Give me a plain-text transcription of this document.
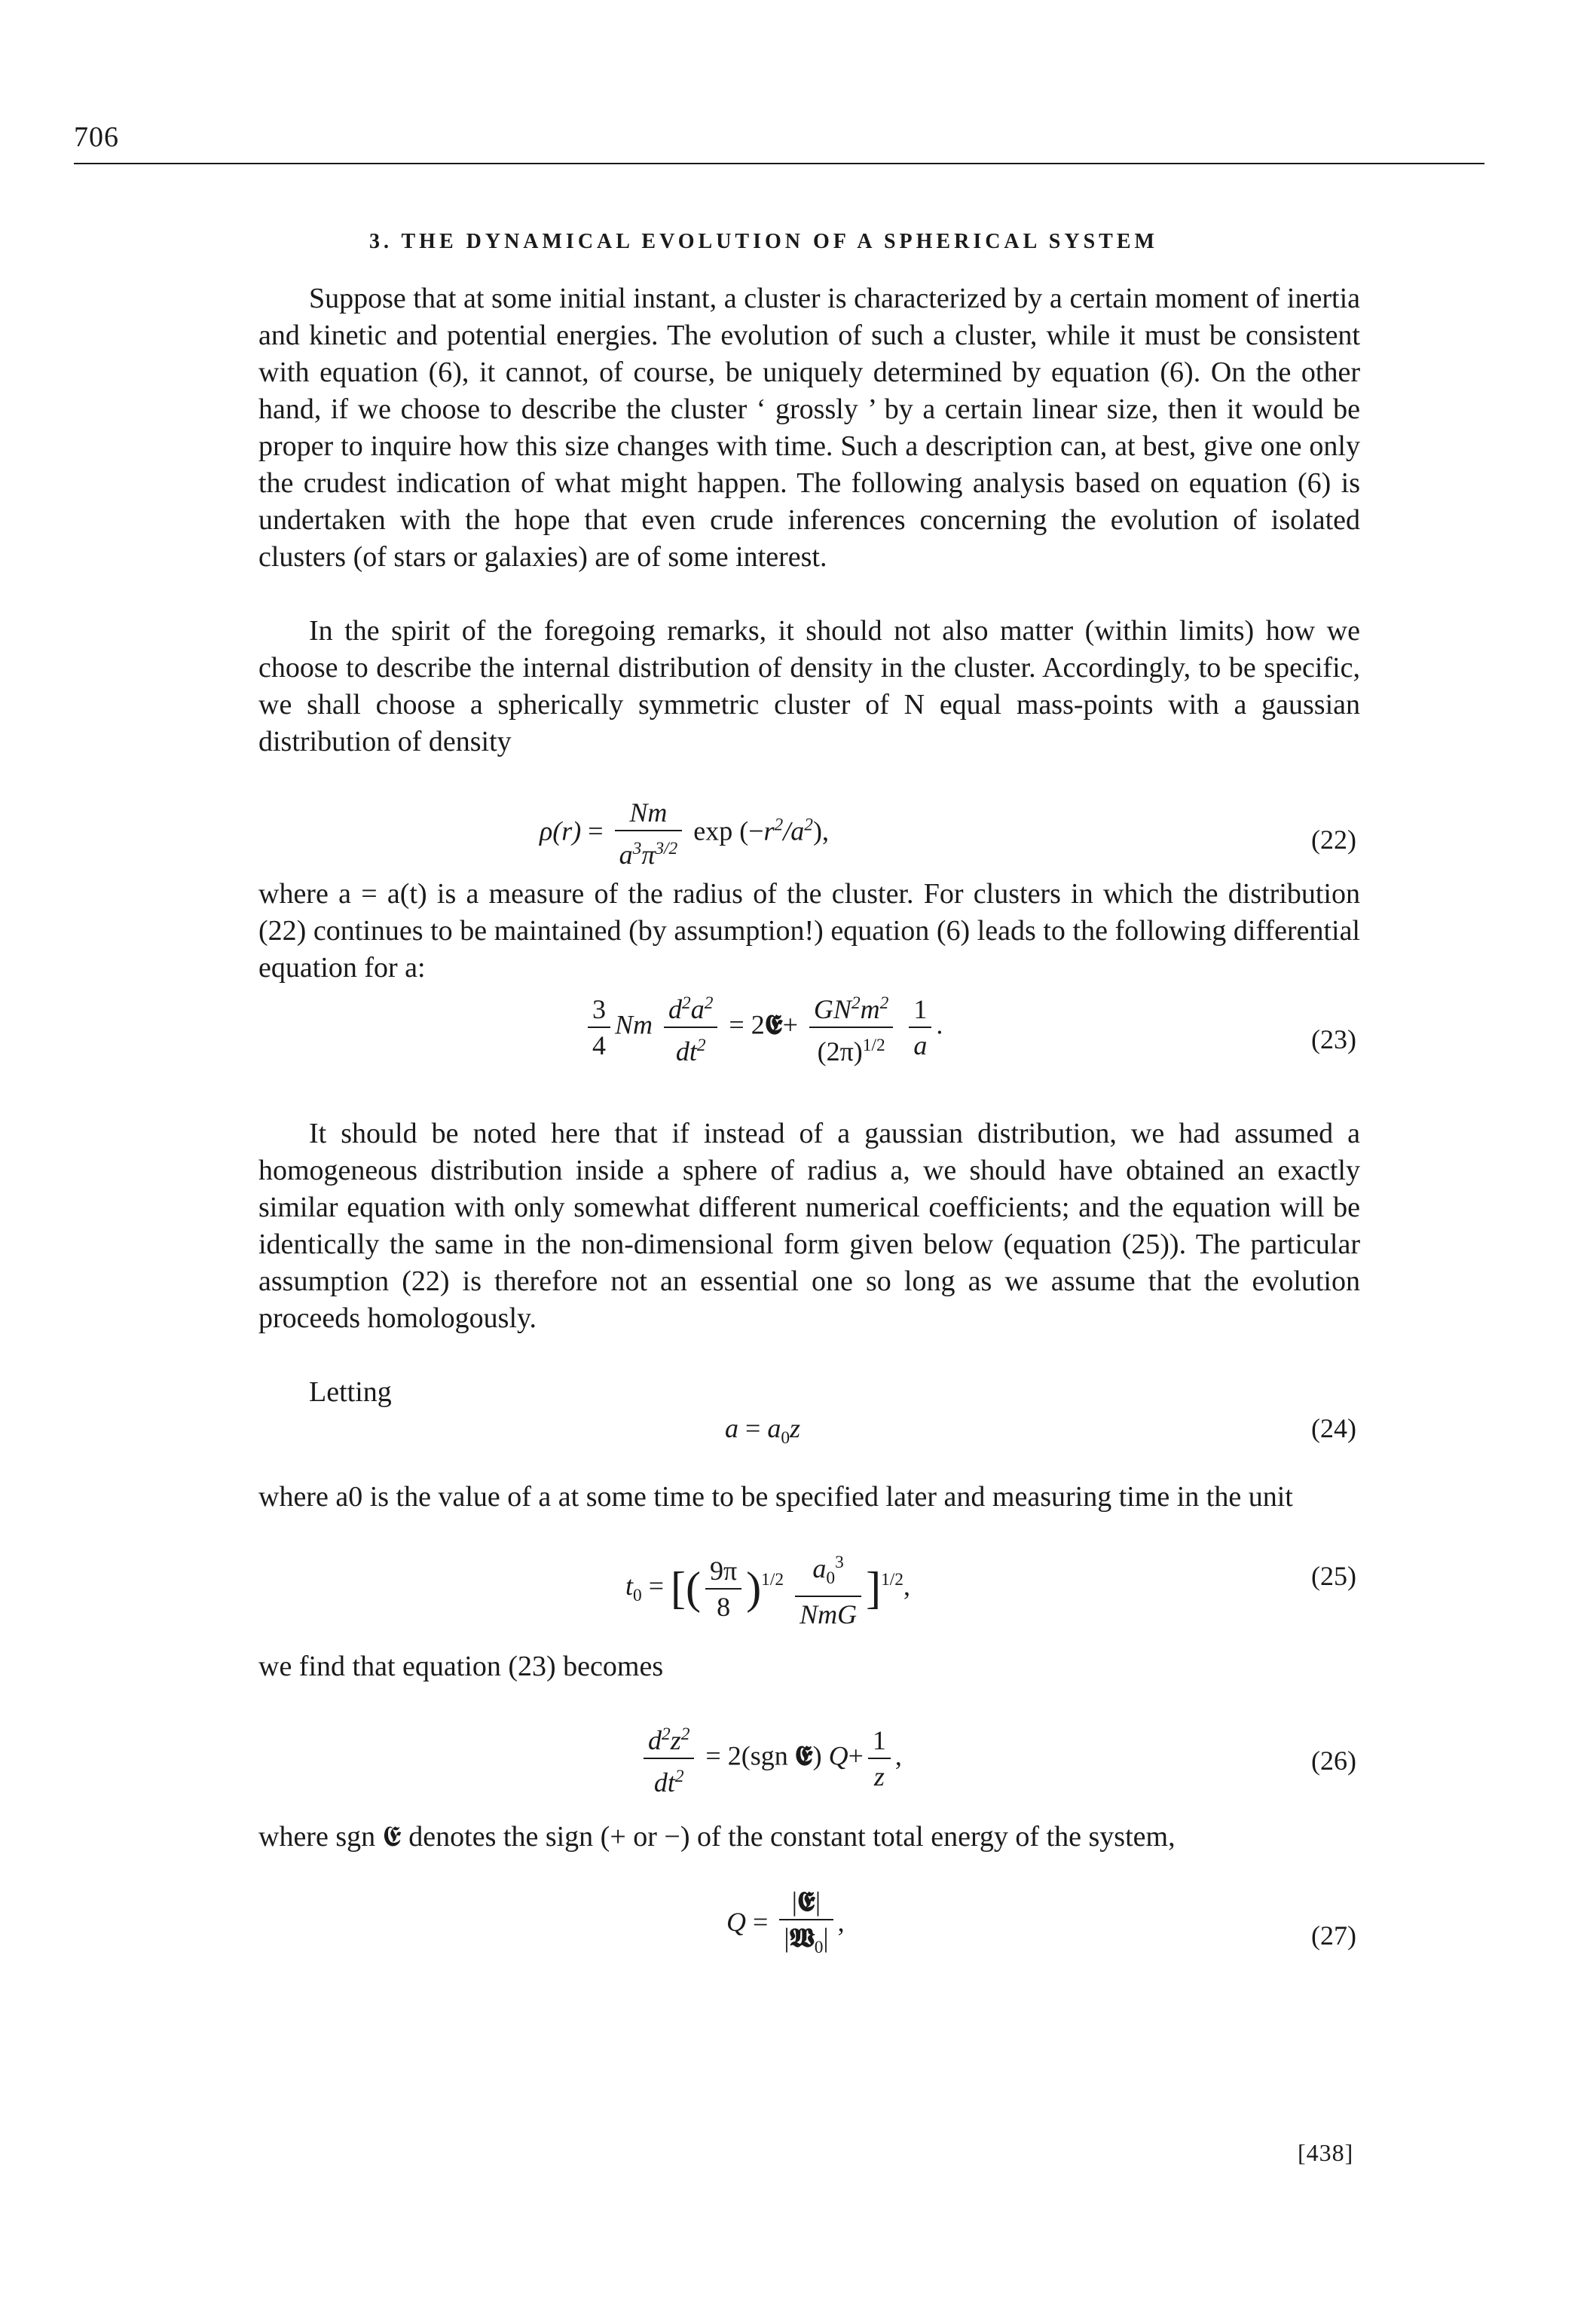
706
3. THE DYNAMICAL EVOLUTION OF A SPHERICAL SYSTEM

Suppose that at some initial instant, a cluster is characterized by a certain moment of inertia and kinetic and potential energies. The evolution of such a cluster, while it must be consistent with equation (6), it cannot, of course, be uniquely determined by equation (6). On the other hand, if we choose to describe the cluster ‘ grossly ’ by a certain linear size, then it would be proper to inquire how this size changes with time. Such a description can, at best, give one only the crudest indication of what might happen. The following analysis based on equation (6) is undertaken with the hope that even crude inferences concerning the evolution of isolated clusters (of stars or galaxies) are of some interest.

In the spirit of the foregoing remarks, it should not also matter (within limits) how we choose to describe the internal distribution of density in the cluster. Accordingly, to be specific, we shall choose a spherically symmetric cluster of N equal mass-points with a gaussian distribution of density

$\rho(r) = \frac{Nm}{a^3\pi^{3/2}}$ $\exp (-r^2/a^2)$,	(22)

where a = a(t) is a measure of the radius of the cluster. For clusters in which the distribution (22) continues to be maintained (by assumption!) equation (6) leads to the following differential equation for a:

$\frac{3}{4}$ Nm $\frac{d^2a^2}{dt^2}$ = 2𝕰+ $\frac{GN^2m^2}{(2\pi)^{1/2}}$
$\frac{1}{a}$ .	(23)

It should be noted here that if instead of a gaussian distribution, we had assumed a homogeneous distribution inside a sphere of radius a, we should have obtained an exactly similar equation with only somewhat different numerical coefficients; and the equation will be identically the same in the non-dimensional form given below (equation (25)). The particular assumption (22) is therefore not an essential one so long as we assume that the evolution proceeds homologously.

Letting

$a = a_0z$	(24)

where a0 is the value of a at some time to be specified later and measuring time in the unit

$t_0$ = [( $\frac{9\pi}{8} )^{1/2} \frac{a_0^3}{\text{NmG}} ]^{1/2}$,	(25)

we find that equation (23) becomes

$\frac{d^2z^2}{dt^2} = 2(sgn$ 𝕰) $Q+ \frac{1}{z}$ ,	(26)

where sgn 𝕰 denotes the sign (+ or −) of the constant total energy of the system,

$Q = \frac{\text{|𝕰|}}{|𝖂_0|}$ ,	(27)
[438]
